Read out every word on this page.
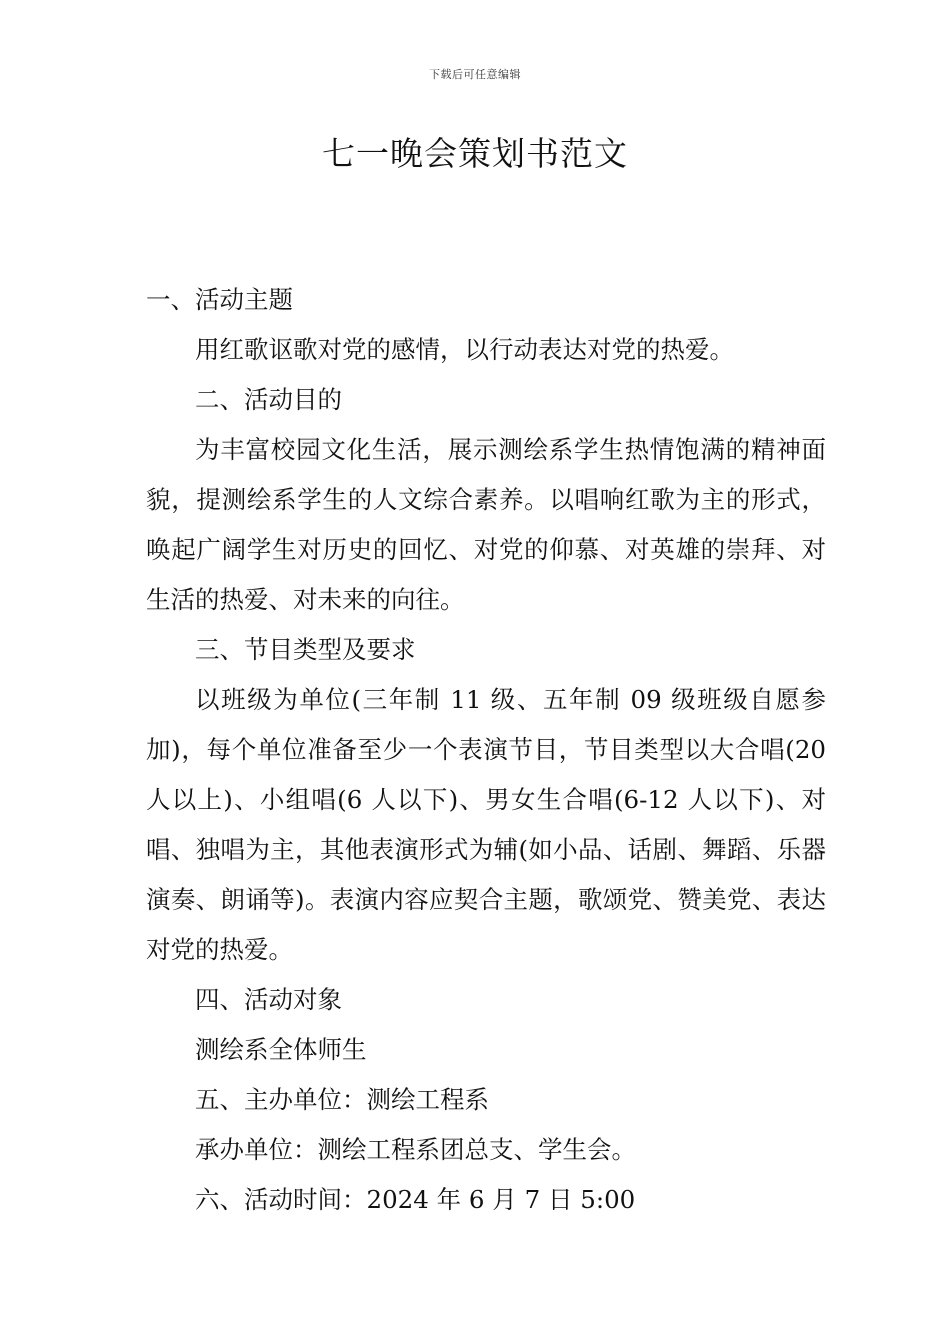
下载后可任意编辑
七一晚会策划书范文

一、活动主题

用红歌讴歌对党的感情，以行动表达对党的热爱。

二、活动目的

为丰富校园文化生活，展示测绘系学生热情饱满的精神面貌，提测绘系学生的人文综合素养。以唱响红歌为主的形式，唤起广阔学生对历史的回忆、对党的仰慕、对英雄的崇拜、对生活的热爱、对未来的向往。

三、节目类型及要求

以班级为单位(三年制 11 级、五年制 09 级班级自愿参加)，每个单位准备至少一个表演节目，节目类型以大合唱(20 人以上)、小组唱(6 人以下)、男女生合唱(6-12 人以下)、对唱、独唱为主，其他表演形式为辅(如小品、话剧、舞蹈、乐器演奏、朗诵等)。表演内容应契合主题，歌颂党、赞美党、表达对党的热爱。

四、活动对象

测绘系全体师生

五、主办单位：测绘工程系

承办单位：测绘工程系团总支、学生会。

六、活动时间：2024 年 6 月 7 日 5:00
